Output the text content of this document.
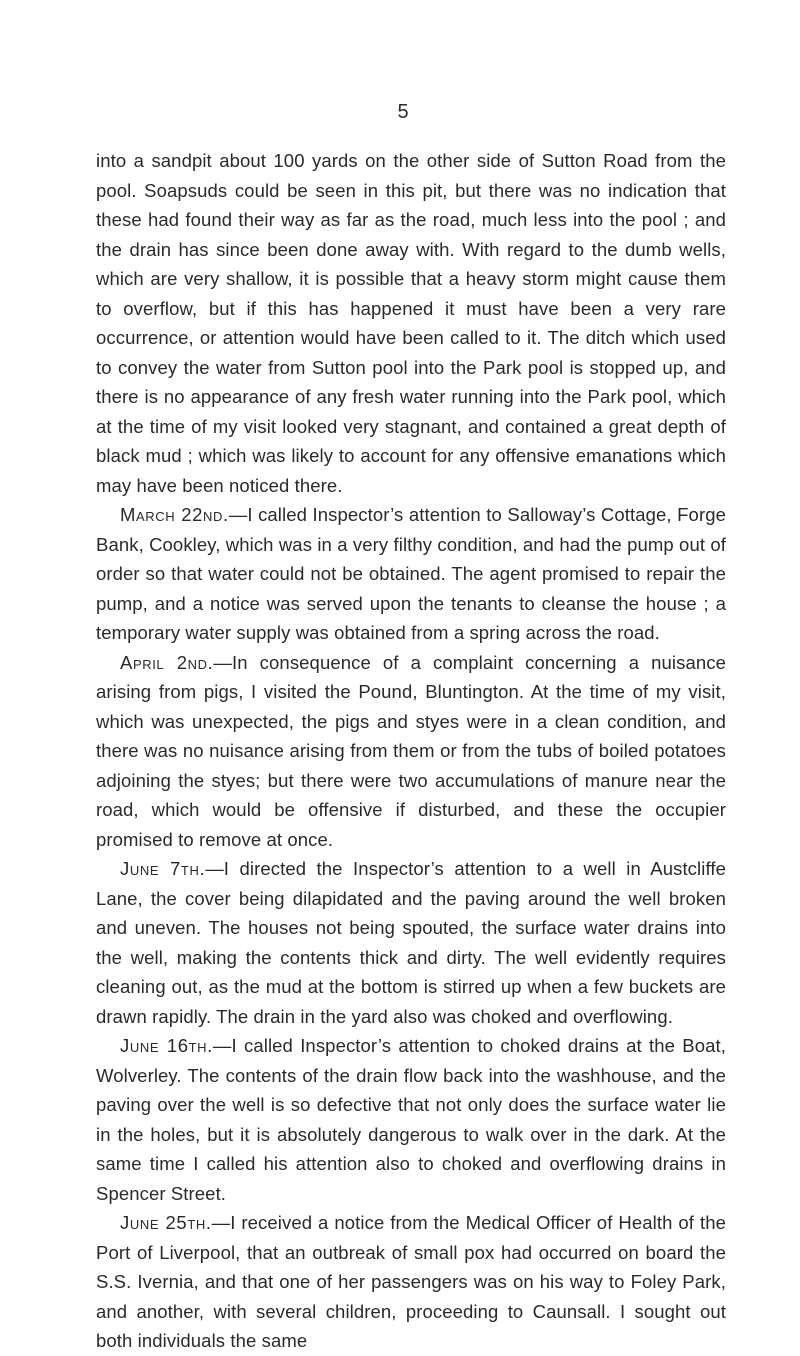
5

into a sandpit about 100 yards on the other side of Sutton Road from the pool. Soapsuds could be seen in this pit, but there was no indication that these had found their way as far as the road, much less into the pool ; and the drain has since been done away with. With regard to the dumb wells, which are very shallow, it is possible that a heavy storm might cause them to overflow, but if this has happened it must have been a very rare occurrence, or attention would have been called to it. The ditch which used to convey the water from Sutton pool into the Park pool is stopped up, and there is no appearance of any fresh water running into the Park pool, which at the time of my visit looked very stagnant, and contained a great depth of black mud ; which was likely to account for any offensive emanations which may have been noticed there.

March 22nd.—I called Inspector’s attention to Salloway’s Cottage, Forge Bank, Cookley, which was in a very filthy condition, and had the pump out of order so that water could not be obtained. The agent promised to repair the pump, and a notice was served upon the tenants to cleanse the house ; a temporary water supply was obtained from a spring across the road.

April 2nd.—In consequence of a complaint concerning a nuisance arising from pigs, I visited the Pound, Bluntington. At the time of my visit, which was unexpected, the pigs and styes were in a clean condition, and there was no nuisance arising from them or from the tubs of boiled potatoes adjoining the styes; but there were two accumulations of manure near the road, which would be offensive if disturbed, and these the occupier promised to remove at once.

June 7th.—I directed the Inspector’s attention to a well in Austcliffe Lane, the cover being dilapidated and the paving around the well broken and uneven. The houses not being spouted, the surface water drains into the well, making the contents thick and dirty. The well evidently requires cleaning out, as the mud at the bottom is stirred up when a few buckets are drawn rapidly. The drain in the yard also was choked and overflowing.

June 16th.—I called Inspector’s attention to choked drains at the Boat, Wolverley. The contents of the drain flow back into the washhouse, and the paving over the well is so defective that not only does the surface water lie in the holes, but it is absolutely dangerous to walk over in the dark. At the same time I called his attention also to choked and overflowing drains in Spencer Street.

June 25th.—I received a notice from the Medical Officer of Health of the Port of Liverpool, that an outbreak of small pox had occurred on board the S.S. Ivernia, and that one of her passengers was on his way to Foley Park, and another, with several children, proceeding to Caunsall. I sought out both individuals the same
